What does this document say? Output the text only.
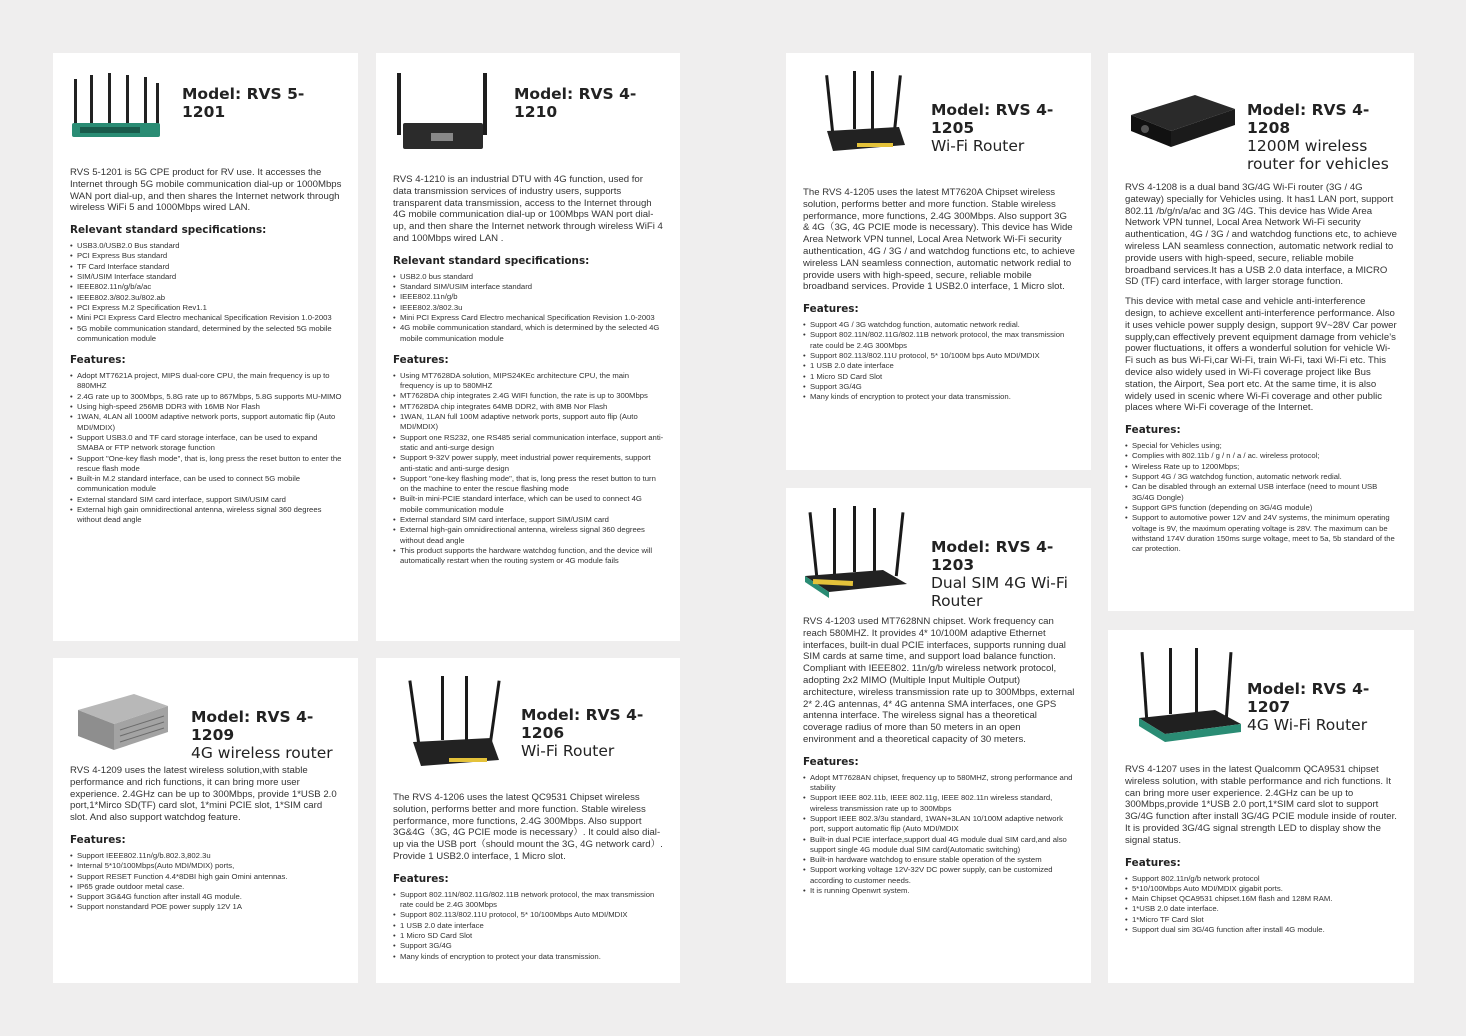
Model: RVS 5-1201

RVS 5-1201 is 5G CPE product for RV use. It accesses the Internet through 5G mobile communication dial-up or 1000Mbps WAN port dial-up, and then shares the Internet network through wireless WiFi 5 and 1000Mbps wired LAN.

Relevant standard specifications:
• USB3.0/USB2.0 Bus standard
• PCI Express Bus standard
• TF Card Interface standard
• SIM/USIM Interface standard
• IEEE802.11n/g/b/a/ac
• IEEE802.3/802.3u/802.ab
• PCI Express M.2 Specification Rev1.1
• Mini PCI Express Card Electro mechanical Specification Revision 1.0-2003
• 5G mobile communication standard, determined by the selected 5G mobile communication module
Features:
• Adopt MT7621A project, MIPS dual-core CPU, the main frequency is up to 880MHZ
• 2.4G rate up to 300Mbps, 5.8G rate up to 867Mbps, 5.8G supports MU-MIMO
• Using high-speed 256MB DDR3 with 16MB Nor Flash
• 1WAN, 4LAN all 1000M adaptive network ports, support automatic flip (Auto MDI/MDIX)
• Support USB3.0 and TF card storage interface, can be used to expand SMABA or FTP network storage function
• Support "One-key flash mode", that is, long press the reset button to enter the rescue flash mode
• Built-in M.2 standard interface, can be used to connect 5G mobile communication module
• External standard SIM card interface, support SIM/USIM card
• External high gain omnidirectional antenna, wireless signal 360 degrees without dead angle
Model: RVS 4-1210

RVS 4-1210 is an industrial DTU with 4G function, used for data transmission services of industry users, supports transparent data transmission, access to the Internet through 4G mobile communication dial-up or 100Mbps WAN port dial-up, and then share the Internet network through wireless WiFi 4 and 100Mbps wired LAN .

Relevant standard specifications:
• USB2.0 bus standard
• Standard SIM/USIM interface standard
• IEEE802.11n/g/b
• IEEE802.3/802.3u
• Mini PCI Express Card Electro mechanical Specification Revision 1.0-2003
• 4G mobile communication standard, which is determined by the selected 4G mobile communication module
Features:
• Using MT7628DA solution, MIPS24KEc architecture CPU, the main frequency is up to 580MHZ
• MT7628DA chip integrates 2.4G WIFI function, the rate is up to 300Mbps
• MT7628DA chip integrates 64MB DDR2, with 8MB Nor Flash
• 1WAN, 1LAN full 100M adaptive network ports, support auto flip (Auto MDI/MDIX)
• Support one RS232, one RS485 serial communication interface, support anti-static and anti-surge design
• Support 9-32V power supply, meet industrial power requirements, support anti-static and anti-surge design
• Support "one-key flashing mode", that is, long press the reset button to turn on the machine to enter the rescue flashing mode
• Built-in mini-PCIE standard interface, which can be used to connect 4G mobile communication module
• External standard SIM card interface, support SIM/USIM card
• External high-gain omnidirectional antenna, wireless signal 360 degrees without dead angle
• This product supports the hardware watchdog function, and the device will automatically restart when the routing system or 4G module fails
Model: RVS 4-1205
Wi-Fi Router

The RVS 4-1205 uses the latest MT7620A Chipset wireless solution, performs better and more function. Stable wireless performance, more functions, 2.4G 300Mbps. Also support 3G & 4G（3G, 4G PCIE mode is necessary). This device has Wide Area Network VPN tunnel, Local Area Network Wi-Fi security authentication, 4G / 3G / and watchdog functions etc, to achieve wireless LAN seamless connection, automatic network redial to provide users with high-speed, secure, reliable mobile broadband services. Provide 1 USB2.0 interface, 1 Micro slot.

Features:
• Support 4G / 3G watchdog function, automatic network redial.
• Support 802.11N/802.11G/802.11B network protocol, the max transmission rate could be 2.4G 300Mbps
• Support 802.113/802.11U protocol, 5* 10/100M bps Auto MDI/MDIX
• 1 USB 2.0 date interface
• 1 Micro SD Card Slot
• Support 3G/4G
• Many kinds of encryption to protect your data transmission.
Model: RVS 4-1208
1200M wireless router for vehicles

RVS 4-1208 is a dual band 3G/4G Wi-Fi router (3G / 4G gateway) specially for Vehicles using. It has1 LAN port, support 802.11 /b/g/n/a/ac and 3G /4G. This device has Wide Area Network VPN tunnel, Local Area Network Wi-Fi security authentication, 4G / 3G / and watchdog functions etc, to achieve wireless LAN seamless connection, automatic network redial to provide users with high-speed, secure, reliable mobile broadband services.It has a USB 2.0 data interface, a MICRO SD (TF) card interface, with larger storage function.

This device with metal case and vehicle anti-interference design, to achieve excellent anti-interference performance. Also it uses vehicle power supply design, support 9V~28V Car power supply,can effectively prevent equipment damage from vehicle’s power fluctuations, it offers a wonderful solution for vehicle Wi-Fi such as bus Wi-Fi,car Wi-Fi, train Wi-Fi, taxi Wi-Fi etc. This device also widely used in Wi-Fi coverage project like Bus station, the Airport, Sea port etc. At the same time, it is also widely used in scenic where Wi-Fi coverage and other public places where Wi-Fi coverage of the Internet.

Features:
• Special for Vehicles using;
• Complies with 802.11b / g / n / a / ac. wireless protocol;
• Wireless Rate up to 1200Mbps;
• Support 4G / 3G watchdog function, automatic network redial.
• Can be disabled through an external USB interface (need to mount USB 3G/4G Dongle)
• Support GPS function (depending on 3G/4G module)
• Support to automotive power 12V and 24V systems, the minimum operating voltage is 9V, the maximum operating voltage is 28V. The maximum can be withstand 174V duration 150ms surge voltage, meet to 5a, 5b standard of the car protection.
Model: RVS 4-1209
4G wireless router

RVS 4-1209 uses the latest wireless solution,with stable performance and rich functions, it can bring more user experience. 2.4GHz can be up to 300Mbps, provide 1*USB 2.0 port,1*Mirco SD(TF) card slot, 1*mini PCIE slot, 1*SIM card slot. And also support watchdog feature.

Features:
• Support IEEE802.11n/g/b.802.3,802.3u
• Internal 5*10/100Mbps(Auto MDI/MDIX) ports,
• Support RESET Function 4.4*8DBI high gain Omini antennas.
• IP65 grade outdoor metal case.
• Support 3G&4G function after install 4G module.
• Support nonstandard POE power supply 12V 1A
Model: RVS 4-1206
Wi-Fi Router

The RVS 4-1206 uses the latest QC9531 Chipset wireless solution, performs better and more function. Stable wireless performance, more functions, 2.4G 300Mbps. Also support 3G&4G（3G, 4G PCIE mode is necessary）. It could also dial-up via the USB port（should mount the 3G, 4G network card）. Provide 1 USB2.0 interface, 1 Micro slot.

Features:
• Support 802.11N/802.11G/802.11B network protocol, the max transmission rate could be 2.4G 300Mbps
• Support 802.113/802.11U protocol, 5* 10/100Mbps Auto MDI/MDIX
• 1 USB 2.0 date interface
• 1 Micro SD Card Slot
• Support 3G/4G
• Many kinds of encryption to protect your data transmission.
Model: RVS 4-1203
Dual SIM 4G Wi-Fi Router

RVS 4-1203 used MT7628NN chipset. Work frequency can reach 580MHZ. It provides 4* 10/100M adaptive Ethernet interfaces, built-in dual PCIE interfaces, supports running dual SIM cards at same time, and support load balance function. Compliant with IEEE802. 11n/g/b wireless network protocol, adopting 2x2 MIMO (Multiple Input Multiple Output) architecture, wireless transmission rate up to 300Mbps, external 2* 2.4G antennas, 4* 4G antenna SMA interfaces, one GPS antenna interface. The wireless signal has a theoretical coverage radius of more than 50 meters in an open environment and a theoretical capacity of 30 meters.

Features:
• Adopt MT7628AN chipset, frequency up to 580MHZ, strong performance and stability
• Support IEEE 802.11b, IEEE 802.11g, IEEE 802.11n wireless standard, wireless transmission rate up to 300Mbps
• Support IEEE 802.3/3u standard, 1WAN+3LAN 10/100M adaptive network port, support automatic flip (Auto MDI/MDIX
• Built-in dual PCIE interface,support dual 4G module dual SIM card,and also support single 4G module dual SIM card(Automatic switching)
• Built-in hardware watchdog to ensure stable operation of the system
• Support working voltage 12V-32V DC power supply, can be customized according to customer needs.
• It is running Openwrt system.
Model: RVS 4-1207
4G Wi-Fi Router

RVS 4-1207 uses in the latest Qualcomm QCA9531 chipset wireless solution, with stable performance and rich functions. It can bring more user experience. 2.4GHz can be up to 300Mbps,provide 1*USB 2.0 port,1*SIM card slot to support 3G/4G function after install 3G/4G PCIE module inside of router. It is provided 3G/4G signal strength LED to display show the signal status.

Features:
• Support 802.11n/g/b network protocol
• 5*10/100Mbps Auto MDI/MDIX gigabit ports.
• Main Chipset QCA9531 chipset.16M flash and 128M RAM.
• 1*USB 2.0 date interface.
• 1*Micro TF Card Slot
• Support dual sim 3G/4G function after install 4G module.
